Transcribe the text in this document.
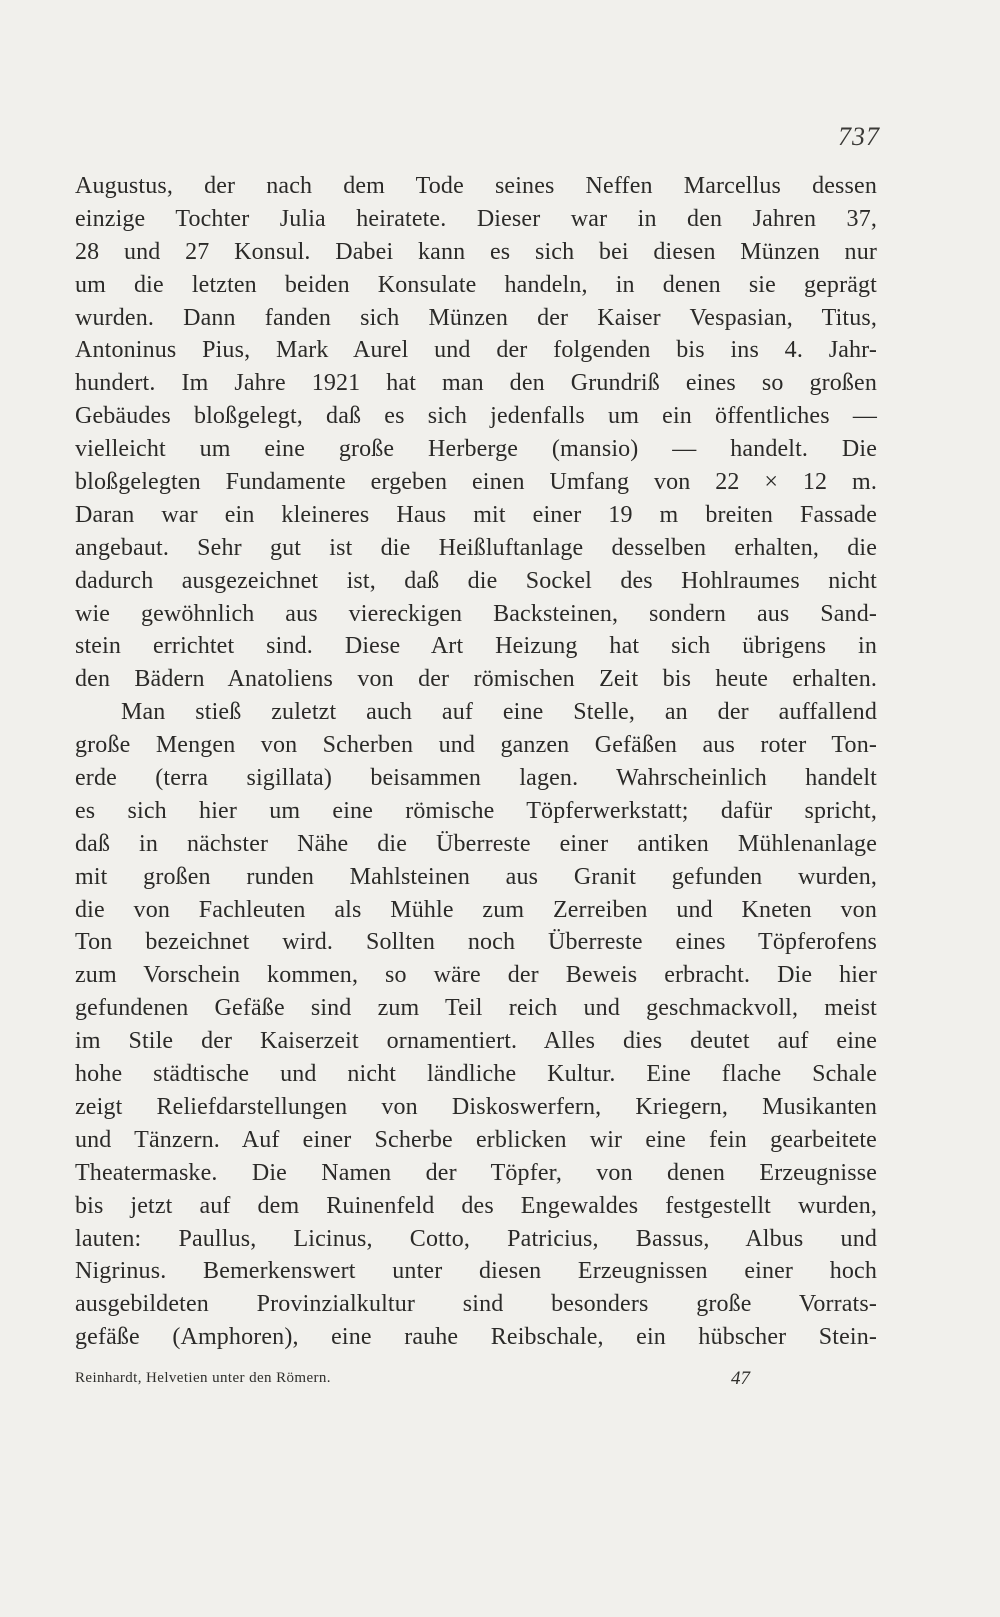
737
Augustus, der nach dem Tode seines Neffen Marcellus dessen
einzige Tochter Julia heiratete. Dieser war in den Jahren 37,
28 und 27 Konsul. Dabei kann es sich bei diesen Münzen nur
um die letzten beiden Konsulate handeln, in denen sie geprägt
wurden. Dann fanden sich Münzen der Kaiser Vespasian, Titus,
Antoninus Pius, Mark Aurel und der folgenden bis ins 4. Jahr-
hundert. Im Jahre 1921 hat man den Grundriß eines so großen
Gebäudes bloßgelegt, daß es sich jedenfalls um ein öffentliches —
vielleicht um eine große Herberge (mansio) — handelt. Die
bloßgelegten Fundamente ergeben einen Umfang von 22 × 12 m.
Daran war ein kleineres Haus mit einer 19 m breiten Fassade
angebaut. Sehr gut ist die Heißluftanlage desselben erhalten, die
dadurch ausgezeichnet ist, daß die Sockel des Hohlraumes nicht
wie gewöhnlich aus viereckigen Backsteinen, sondern aus Sand-
stein errichtet sind. Diese Art Heizung hat sich übrigens in
den Bädern Anatoliens von der römischen Zeit bis heute erhalten.
Man stieß zuletzt auch auf eine Stelle, an der auffallend
große Mengen von Scherben und ganzen Gefäßen aus roter Ton-
erde (terra sigillata) beisammen lagen. Wahrscheinlich handelt
es sich hier um eine römische Töpferwerkstatt; dafür spricht,
daß in nächster Nähe die Überreste einer antiken Mühlenanlage
mit großen runden Mahlsteinen aus Granit gefunden wurden,
die von Fachleuten als Mühle zum Zerreiben und Kneten von
Ton bezeichnet wird. Sollten noch Überreste eines Töpferofens
zum Vorschein kommen, so wäre der Beweis erbracht. Die hier
gefundenen Gefäße sind zum Teil reich und geschmackvoll, meist
im Stile der Kaiserzeit ornamentiert. Alles dies deutet auf eine
hohe städtische und nicht ländliche Kultur. Eine flache Schale
zeigt Reliefdarstellungen von Diskoswerfern, Kriegern, Musikanten
und Tänzern. Auf einer Scherbe erblicken wir eine fein gearbeitete
Theatermaske. Die Namen der Töpfer, von denen Erzeugnisse
bis jetzt auf dem Ruinenfeld des Engewaldes festgestellt wurden,
lauten: Paullus, Licinus, Cotto, Patricius, Bassus, Albus und
Nigrinus. Bemerkenswert unter diesen Erzeugnissen einer hoch
ausgebildeten Provinzialkultur sind besonders große Vorrats-
gefäße (Amphoren), eine rauhe Reibschale, ein hübscher Stein-
Reinhardt, Helvetien unter den Römern.	47
